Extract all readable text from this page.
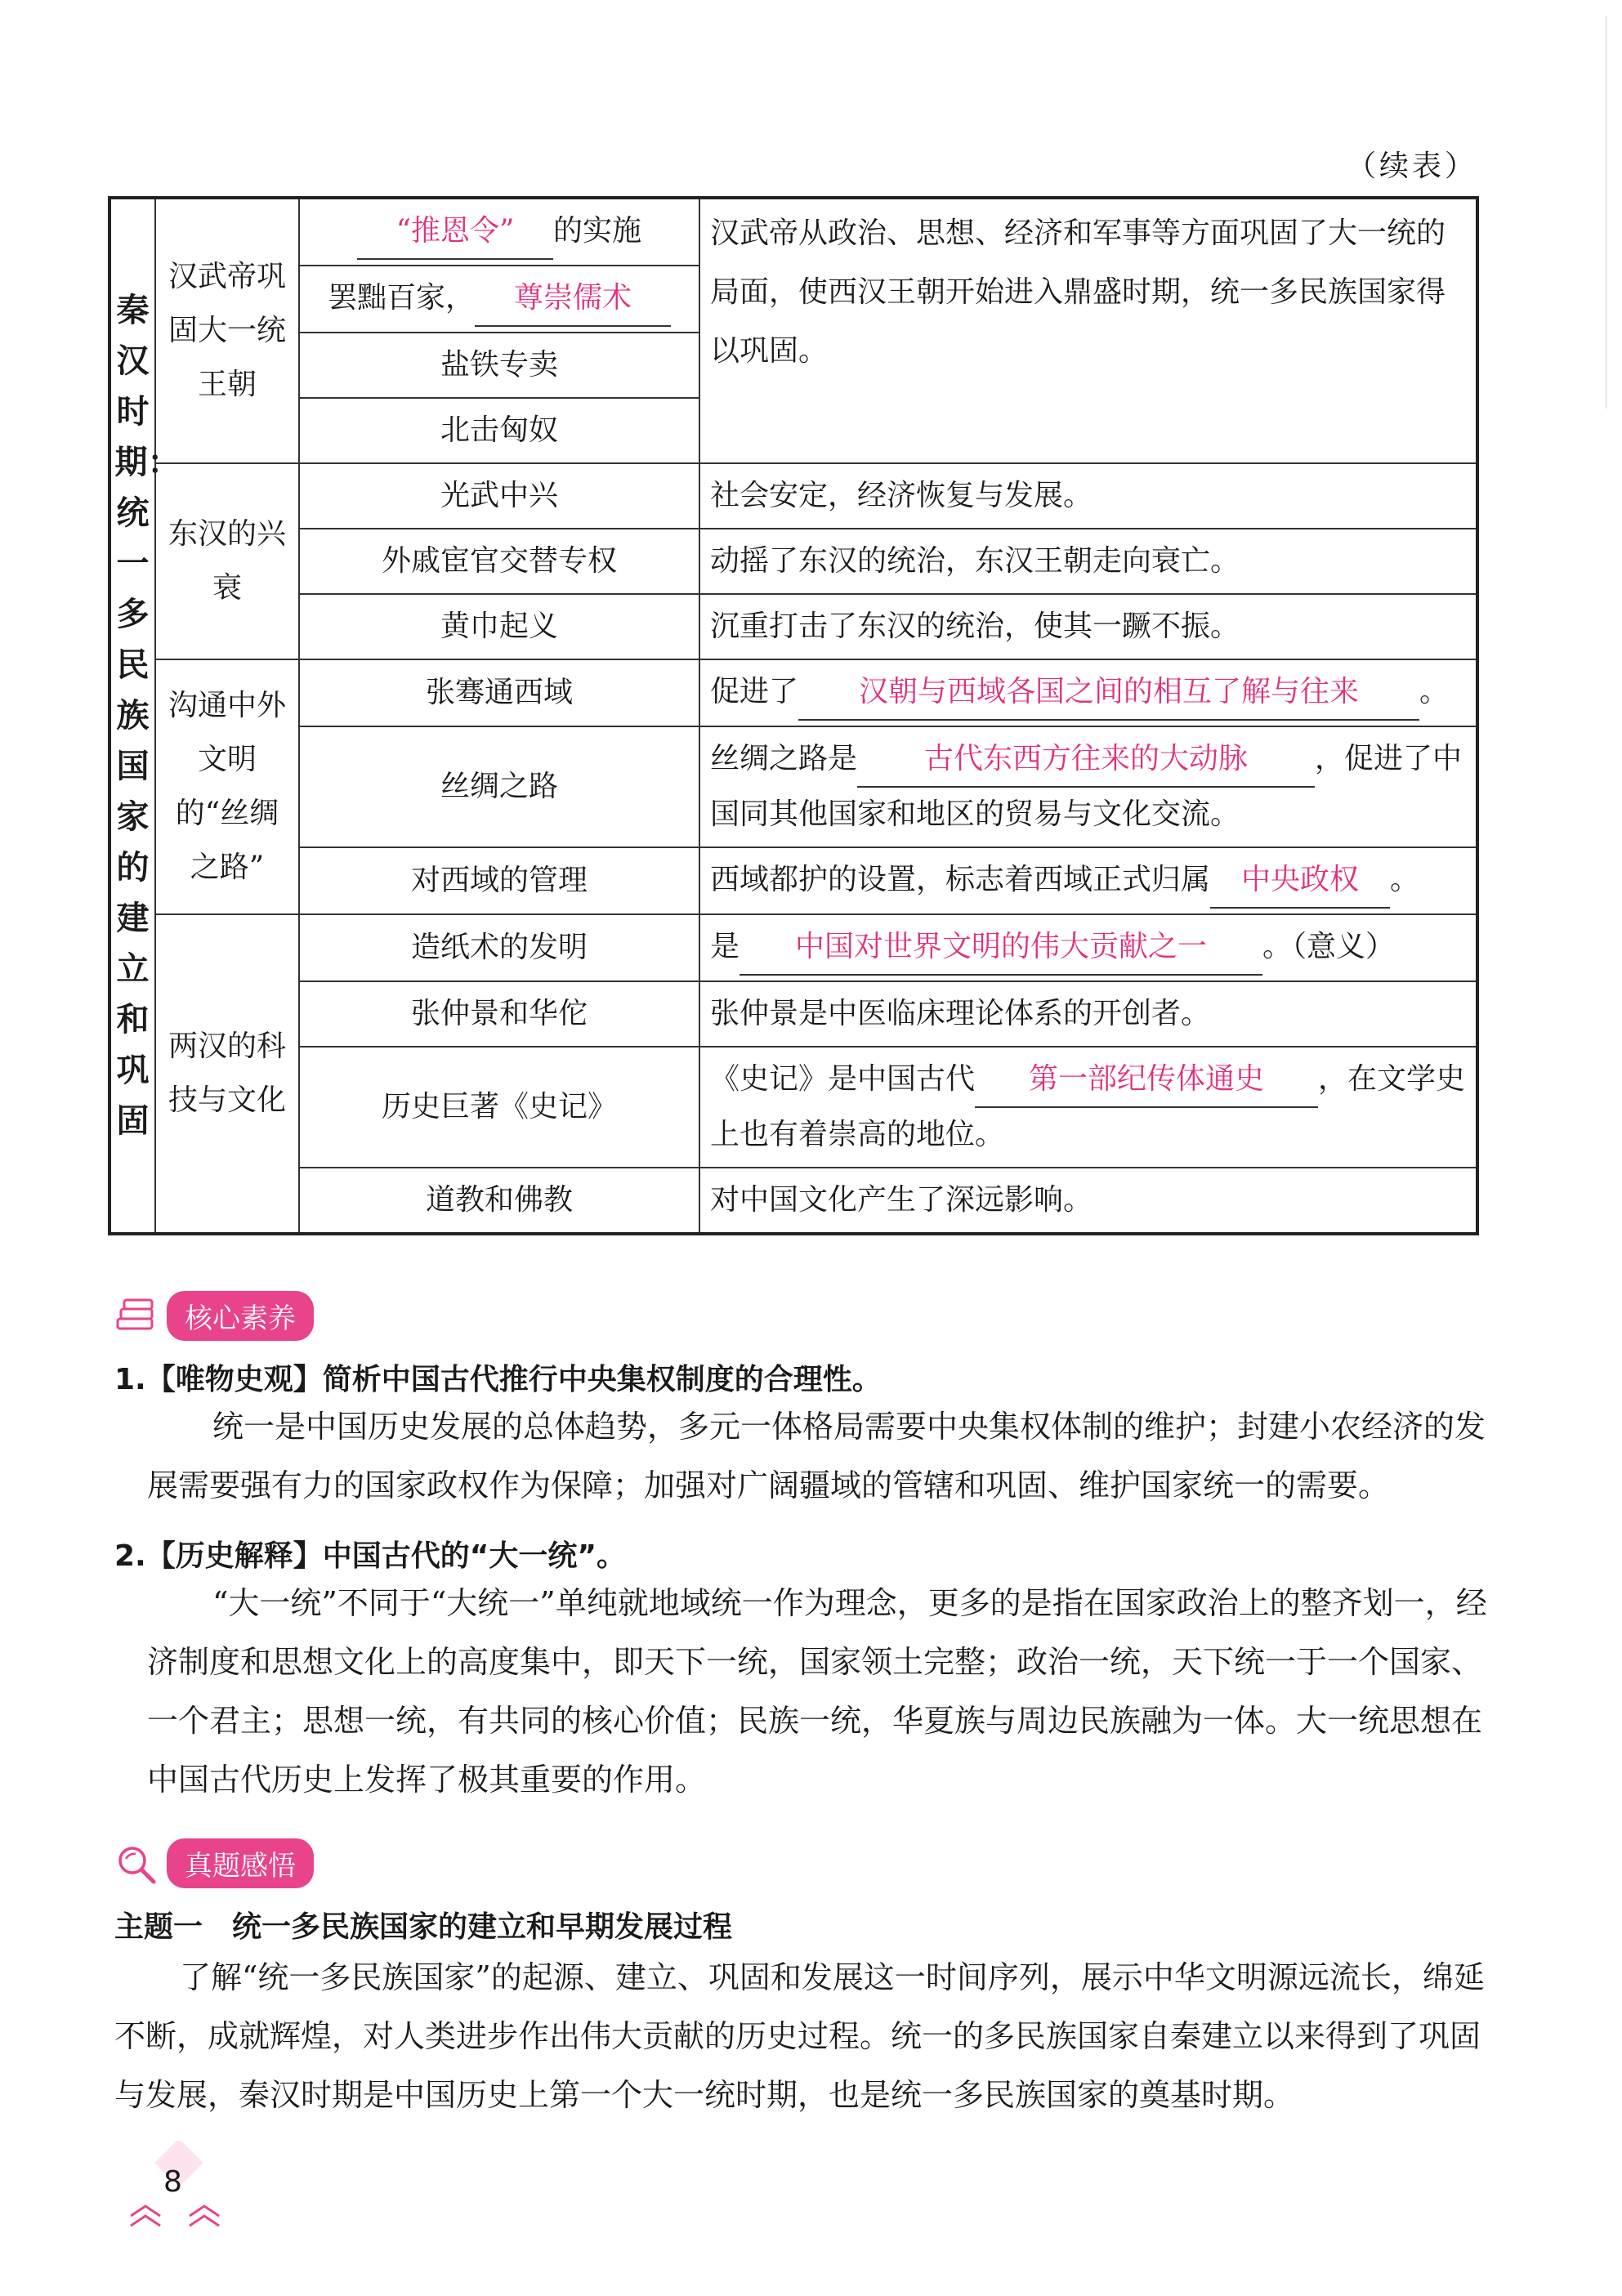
（续表）
秦汉时期：统一多民族国家的建立和巩固	汉武帝巩固大一统王朝	“推恩令” 的实施	汉武帝从政治、思想、经济和军事等方面巩固了大一统的局面，使西汉王朝开始进入鼎盛时期，统一多民族国家得以巩固。
		罢黜百家， 尊崇儒术	
		盐铁专卖	
		北击匈奴	
	东汉的兴衰	光武中兴	社会安定，经济恢复与发展。
		外戚宦官交替专权	动摇了东汉的统治，东汉王朝走向衰亡。
		黄巾起义	沉重打击了东汉的统治，使其一蹶不振。
	沟通中外文明的“丝绸之路”	张骞通西域	促进了 汉朝与西域各国之间的相互了解与往来 。
		丝绸之路	丝绸之路是 古代东西方往来的大动脉 ，促进了中国同其他国家和地区的贸易与文化交流。
		对西域的管理	西域都护的设置，标志着西域正式归属 中央政权 。
	两汉的科技与文化	造纸术的发明	是 中国对世界文明的伟大贡献之一 。（意义）
		张仲景和华佗	张仲景是中医临床理论体系的开创者。
		历史巨著《史记》	《史记》是中国古代 第一部纪传体通史 ，在文学史上也有着崇高的地位。
		道教和佛教	对中国文化产生了深远影响。
核心素养
1.【唯物史观】简析中国古代推行中央集权制度的合理性。
统一是中国历史发展的总体趋势，多元一体格局需要中央集权体制的维护；封建小农经济的发展需要强有力的国家政权作为保障；加强对广阔疆域的管辖和巩固、维护国家统一的需要。
2.【历史解释】中国古代的“大一统”。
“大一统”不同于“大统一”单纯就地域统一作为理念，更多的是指在国家政治上的整齐划一，经济制度和思想文化上的高度集中，即天下一统，国家领土完整；政治一统，天下统一于一个国家、一个君主；思想一统，有共同的核心价值；民族一统，华夏族与周边民族融为一体。大一统思想在中国古代历史上发挥了极其重要的作用。
真题感悟
主题一　统一多民族国家的建立和早期发展过程
了解“统一多民族国家”的起源、建立、巩固和发展这一时间序列，展示中华文明源远流长，绵延不断，成就辉煌，对人类进步作出伟大贡献的历史过程。统一的多民族国家自秦建立以来得到了巩固与发展，秦汉时期是中国历史上第一个大一统时期，也是统一多民族国家的奠基时期。
8
